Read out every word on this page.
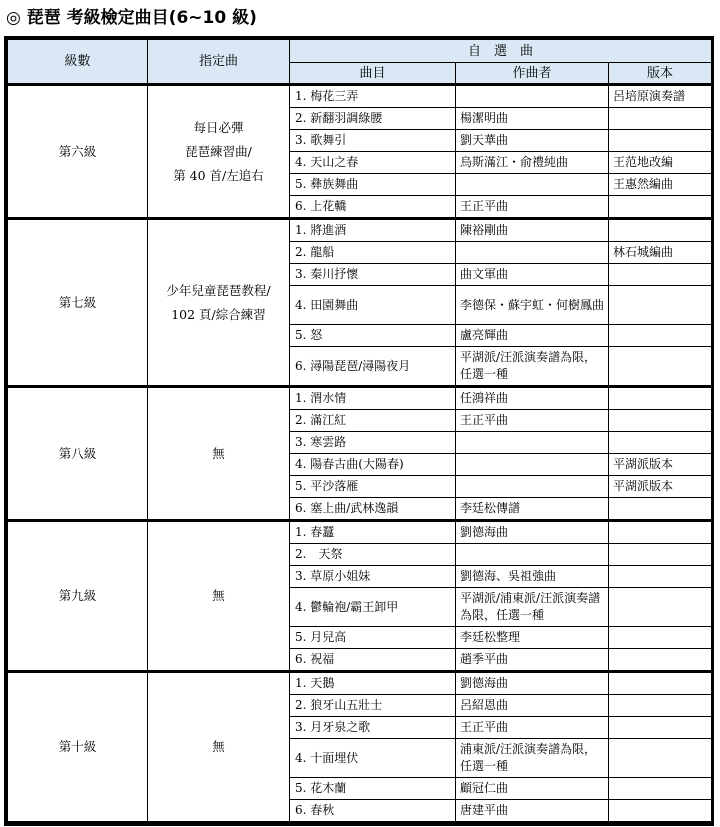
◎ 琵琶 考級檢定曲目(6~10 級)
級數	指定曲	自　選　曲		
		曲目	作曲者	版本
第六級	每日必彈
琵琶練習曲/
第 40 首/左追右	1. 梅花三弄		呂培原演奏譜
		2. 新翻羽調綠腰	楊潔明曲	
		3. 歌舞引	劉天華曲	
		4. 天山之春	烏斯滿江・俞禮純曲	王范地改編
		5. 彝族舞曲		王惠然編曲
		6. 上花轎	王正平曲	
第七級	少年兒童琵琶教程/
102 頁/綜合練習	1. 將進酒	陳裕剛曲	
		2. 龍船		林石城編曲
		3. 秦川抒懷	曲文軍曲	
		4. 田園舞曲	李德保・蘇宇虹・何樹鳳曲	
		5. 怒	盧亮輝曲	
		6. 潯陽琵琶/潯陽夜月	平湖派/汪派演奏譜為限，任選一種	
第八級	無	1. 渭水情	任鴻祥曲	
		2. 滿江紅	王正平曲	
		3. 寒雲路		
		4. 陽春古曲(大陽春)		平湖派版本
		5. 平沙落雁		平湖派版本
		6. 塞上曲/武林逸韻	李廷松傳譜	
第九級	無	1. 春蠶	劉德海曲	
		2.　天祭		
		3. 草原小姐妹	劉德海、吳祖強曲	
		4. 鬱輪袍/霸王卸甲	平湖派/浦東派/汪派演奏譜為限，任選一種	
		5. 月兒高	李廷松整理	
		6. 祝福	趙季平曲	
第十級	無	1. 天鵝	劉德海曲	
		2. 狼牙山五壯士	呂紹恩曲	
		3. 月牙泉之歌	王正平曲	
		4. 十面埋伏	浦東派/汪派演奏譜為限，任選一種	
		5. 花木蘭	顧冠仁曲	
		6. 春秋	唐建平曲	
